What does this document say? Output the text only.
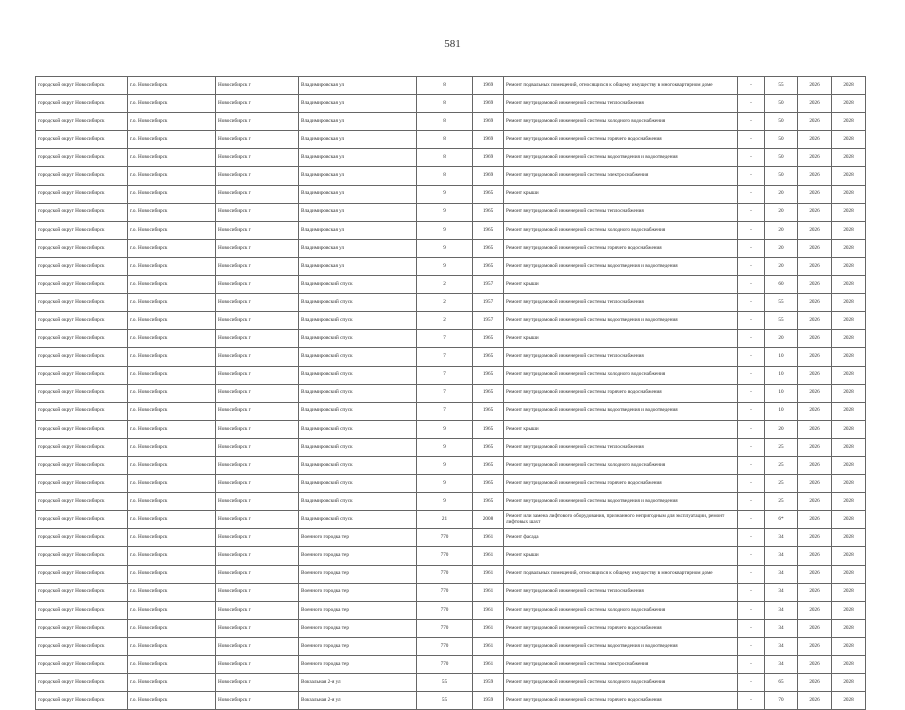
581
городской округ Новосибирск	г.о. Новосибирск	Новосибирск г	Владимировская ул	8	1969	Ремонт подвальных помещений, относящихся к общему имуществу в многоквартирном доме	-	55	2026	2028
городской округ Новосибирск	г.о. Новосибирск	Новосибирск г	Владимировская ул	8	1969	Ремонт внутридомовой инженерной системы теплоснабжения	-	50	2026	2028
городской округ Новосибирск	г.о. Новосибирск	Новосибирск г	Владимировская ул	8	1969	Ремонт внутридомовой инженерной системы холодного водоснабжения	-	50	2026	2028
городской округ Новосибирск	г.о. Новосибирск	Новосибирск г	Владимировская ул	8	1969	Ремонт внутридомовой инженерной системы горячего водоснабжения	-	50	2026	2028
городской округ Новосибирск	г.о. Новосибирск	Новосибирск г	Владимировская ул	8	1969	Ремонт внутридомовой инженерной системы водоотведения и водоотведения	-	50	2026	2028
городской округ Новосибирск	г.о. Новосибирск	Новосибирск г	Владимировская ул	8	1969	Ремонт внутридомовой инженерной системы электроснабжения	-	50	2026	2028
городской округ Новосибирск	г.о. Новосибирск	Новосибирск г	Владимировская ул	9	1965	Ремонт крыши	-	20	2026	2028
городской округ Новосибирск	г.о. Новосибирск	Новосибирск г	Владимировская ул	9	1965	Ремонт внутридомовой инженерной системы теплоснабжения	-	20	2026	2028
городской округ Новосибирск	г.о. Новосибирск	Новосибирск г	Владимировская ул	9	1965	Ремонт внутридомовой инженерной системы холодного водоснабжения	-	20	2026	2028
городской округ Новосибирск	г.о. Новосибирск	Новосибирск г	Владимировская ул	9	1965	Ремонт внутридомовой инженерной системы горячего водоснабжения	-	20	2026	2028
городской округ Новосибирск	г.о. Новосибирск	Новосибирск г	Владимировская ул	9	1965	Ремонт внутридомовой инженерной системы водоотведения и водоотведения	-	20	2026	2028
городской округ Новосибирск	г.о. Новосибирск	Новосибирск г	Владимировский спуск	2	1957	Ремонт крыши	-	60	2026	2028
городской округ Новосибирск	г.о. Новосибирск	Новосибирск г	Владимировский спуск	2	1957	Ремонт внутридомовой инженерной системы теплоснабжения	-	55	2026	2028
городской округ Новосибирск	г.о. Новосибирск	Новосибирск г	Владимировский спуск	2	1957	Ремонт внутридомовой инженерной системы водоотведения и водоотведения	-	55	2026	2028
городской округ Новосибирск	г.о. Новосибирск	Новосибирск г	Владимировский спуск	7	1965	Ремонт крыши	-	20	2026	2028
городской округ Новосибирск	г.о. Новосибирск	Новосибирск г	Владимировский спуск	7	1965	Ремонт внутридомовой инженерной системы теплоснабжения	-	10	2026	2028
городской округ Новосибирск	г.о. Новосибирск	Новосибирск г	Владимировский спуск	7	1965	Ремонт внутридомовой инженерной системы холодного водоснабжения	-	10	2026	2028
городской округ Новосибирск	г.о. Новосибирск	Новосибирск г	Владимировский спуск	7	1965	Ремонт внутридомовой инженерной системы горячего водоснабжения	-	10	2026	2028
городской округ Новосибирск	г.о. Новосибирск	Новосибирск г	Владимировский спуск	7	1965	Ремонт внутридомовой инженерной системы водоотведения и водоотведения	-	10	2026	2028
городской округ Новосибирск	г.о. Новосибирск	Новосибирск г	Владимировский спуск	9	1965	Ремонт крыши	-	20	2026	2028
городской округ Новосибирск	г.о. Новосибирск	Новосибирск г	Владимировский спуск	9	1965	Ремонт внутридомовой инженерной системы теплоснабжения	-	25	2026	2028
городской округ Новосибирск	г.о. Новосибирск	Новосибирск г	Владимировский спуск	9	1965	Ремонт внутридомовой инженерной системы холодного водоснабжения	-	25	2026	2028
городской округ Новосибирск	г.о. Новосибирск	Новосибирск г	Владимировский спуск	9	1965	Ремонт внутридомовой инженерной системы горячего водоснабжения	-	25	2026	2028
городской округ Новосибирск	г.о. Новосибирск	Новосибирск г	Владимировский спуск	9	1965	Ремонт внутридомовой инженерной системы водоотведения и водоотведения	-	25	2026	2028
городской округ Новосибирск	г.о. Новосибирск	Новосибирск г	Владимировский спуск	21	2008	Ремонт или замена лифтового оборудования, признанного непригодным для эксплуатации, ремонт лифтовых шахт	-	6*	2026	2028
городской округ Новосибирск	г.о. Новосибирск	Новосибирск г	Военного городка тер	770	1961	Ремонт фасада	-	34	2026	2028
городской округ Новосибирск	г.о. Новосибирск	Новосибирск г	Военного городка тер	770	1961	Ремонт крыши	-	34	2026	2028
городской округ Новосибирск	г.о. Новосибирск	Новосибирск г	Военного городка тер	770	1961	Ремонт подвальных помещений, относящихся к общему имуществу в многоквартирном доме	-	34	2026	2028
городской округ Новосибирск	г.о. Новосибирск	Новосибирск г	Военного городка тер	770	1961	Ремонт внутридомовой инженерной системы теплоснабжения	-	34	2026	2028
городской округ Новосибирск	г.о. Новосибирск	Новосибирск г	Военного городка тер	770	1961	Ремонт внутридомовой инженерной системы холодного водоснабжения	-	34	2026	2028
городской округ Новосибирск	г.о. Новосибирск	Новосибирск г	Военного городка тер	770	1961	Ремонт внутридомовой инженерной системы горячего водоснабжения	-	34	2026	2028
городской округ Новосибирск	г.о. Новосибирск	Новосибирск г	Военного городка тер	770	1961	Ремонт внутридомовой инженерной системы водоотведения и водоотведения	-	34	2026	2028
городской округ Новосибирск	г.о. Новосибирск	Новосибирск г	Военного городка тер	770	1961	Ремонт внутридомовой инженерной системы электроснабжения	-	34	2026	2028
городской округ Новосибирск	г.о. Новосибирск	Новосибирск г	Вокзальная 2-я ул	55	1959	Ремонт внутридомовой инженерной системы холодного водоснабжения	-	65	2026	2028
городской округ Новосибирск	г.о. Новосибирск	Новосибирск г	Вокзальная 2-я ул	55	1959	Ремонт внутридомовой инженерной системы горячего водоснабжения	-	70	2026	2028
